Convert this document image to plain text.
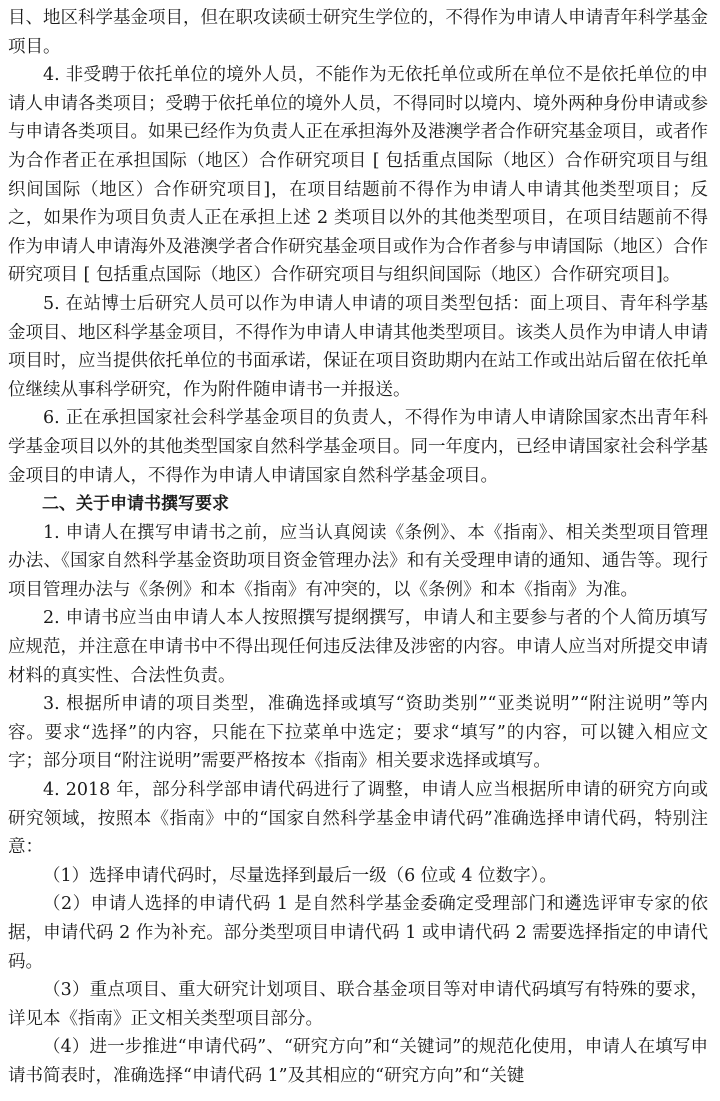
目、地区科学基金项目，但在职攻读硕士研究生学位的，不得作为申请人申请青年科学基金项目。

4. 非受聘于依托单位的境外人员，不能作为无依托单位或所在单位不是依托单位的申请人申请各类项目；受聘于依托单位的境外人员，不得同时以境内、境外两种身份申请或参与申请各类项目。如果已经作为负责人正在承担海外及港澳学者合作研究基金项目，或者作为合作者正在承担国际（地区）合作研究项目 [ 包括重点国际（地区）合作研究项目与组织间国际（地区）合作研究项目]，在项目结题前不得作为申请人申请其他类型项目；反之，如果作为项目负责人正在承担上述 2 类项目以外的其他类型项目，在项目结题前不得作为申请人申请海外及港澳学者合作研究基金项目或作为合作者参与申请国际（地区）合作研究项目 [ 包括重点国际（地区）合作研究项目与组织间国际（地区）合作研究项目]。

5. 在站博士后研究人员可以作为申请人申请的项目类型包括：面上项目、青年科学基金项目、地区科学基金项目，不得作为申请人申请其他类型项目。该类人员作为申请人申请项目时，应当提供依托单位的书面承诺，保证在项目资助期内在站工作或出站后留在依托单位继续从事科学研究，作为附件随申请书一并报送。

6. 正在承担国家社会科学基金项目的负责人，不得作为申请人申请除国家杰出青年科学基金项目以外的其他类型国家自然科学基金项目。同一年度内，已经申请国家社会科学基金项目的申请人，不得作为申请人申请国家自然科学基金项目。

二、关于申请书撰写要求

1. 申请人在撰写申请书之前，应当认真阅读《条例》、本《指南》、相关类型项目管理办法、《国家自然科学基金资助项目资金管理办法》和有关受理申请的通知、通告等。现行项目管理办法与《条例》和本《指南》有冲突的，以《条例》和本《指南》为准。

2. 申请书应当由申请人本人按照撰写提纲撰写，申请人和主要参与者的个人简历填写应规范，并注意在申请书中不得出现任何违反法律及涉密的内容。申请人应当对所提交申请材料的真实性、合法性负责。

3. 根据所申请的项目类型，准确选择或填写“资助类别”“亚类说明”“附注说明”等内容。要求“选择”的内容，只能在下拉菜单中选定；要求“填写”的内容，可以键入相应文字；部分项目“附注说明”需要严格按本《指南》相关要求选择或填写。

4. 2018 年，部分科学部申请代码进行了调整，申请人应当根据所申请的研究方向或研究领域，按照本《指南》中的“国家自然科学基金申请代码”准确选择申请代码，特别注意：

（1）选择申请代码时，尽量选择到最后一级（6 位或 4 位数字）。

（2）申请人选择的申请代码 1 是自然科学基金委确定受理部门和遴选评审专家的依据，申请代码 2 作为补充。部分类型项目申请代码 1 或申请代码 2 需要选择指定的申请代码。

（3）重点项目、重大研究计划项目、联合基金项目等对申请代码填写有特殊的要求，详见本《指南》正文相关类型项目部分。

（4）进一步推进“申请代码”、“研究方向”和“关键词”的规范化使用，申请人在填写申请书简表时，准确选择“申请代码 1”及其相应的“研究方向”和“关键
